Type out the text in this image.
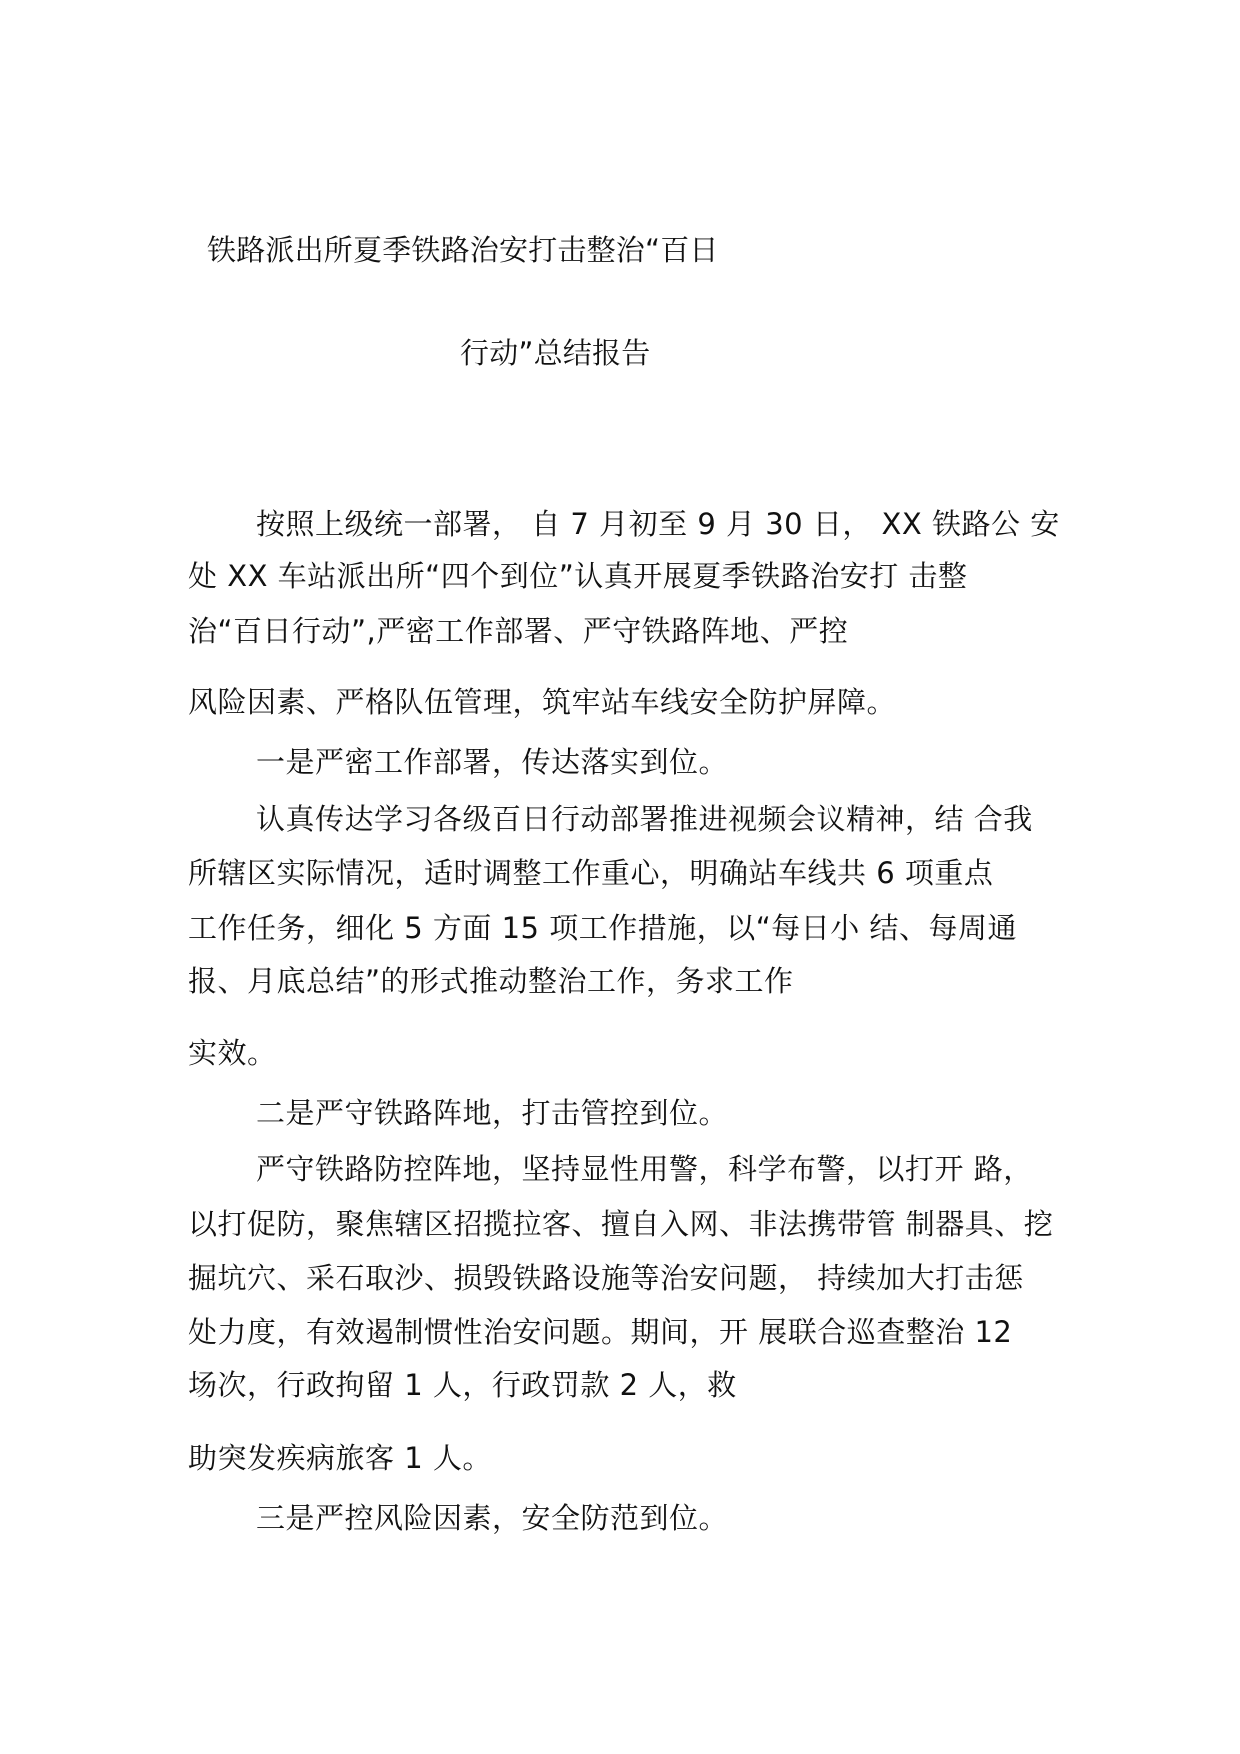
铁路派出所夏季铁路治安打击整治“百日
行动”总结报告
按照上级统一部署， 自 7 月初至 9 月 30 日， XX 铁路公 安
处 XX 车站派出所“四个到位”认真开展夏季铁路治安打 击整
治“百日行动”,严密工作部署、严守铁路阵地、严控
风险因素、严格队伍管理，筑牢站车线安全防护屏障。
一是严密工作部署，传达落实到位。
认真传达学习各级百日行动部署推进视频会议精神，结 合我
所辖区实际情况，适时调整工作重心，明确站车线共 6 项重点
工作任务，细化 5 方面 15 项工作措施，以“每日小 结、每周通
报、月底总结”的形式推动整治工作，务求工作
实效。
二是严守铁路阵地，打击管控到位。
严守铁路防控阵地，坚持显性用警，科学布警，以打开 路，
以打促防，聚焦辖区招揽拉客、擅自入网、非法携带管 制器具、挖
掘坑穴、采石取沙、损毁铁路设施等治安问题， 持续加大打击惩
处力度，有效遏制惯性治安问题。期间，开 展联合巡查整治 12
场次，行政拘留 1 人，行政罚款 2 人，救
助突发疾病旅客 1 人。
三是严控风险因素，安全防范到位。
